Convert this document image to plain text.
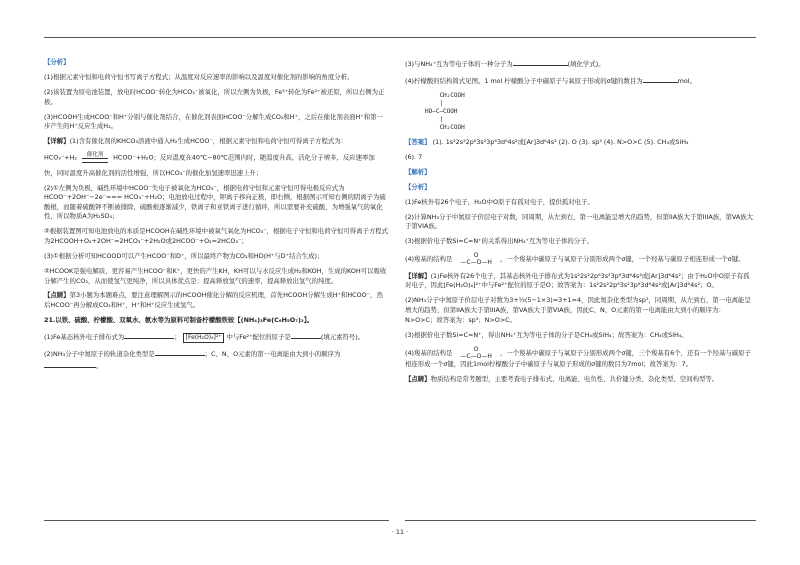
【分析】

(1)根据元素守恒和电荷守恒书写离子方程式；从温度对反应速率的影响以及温度对催化剂的影响的角度分析。

(2)该装置为原电池装置，放电时HCOO⁻转化为HCO₃⁻被氧化，所以左侧为负极，Fe³⁺转化为Fe²⁺被还原，所以右侧为正极。

(3)HCOOH生成HCOO⁻和H⁺分别与催化剂结合，在催化剂表面HCOO⁻分解生成CO₂和H⁺，之后在催化剂表面H⁺和第一步产生的H⁺反应生成H₂。

【详解】(1)含有催化剂的KHCO₃溶液中通入H₂生成HCOO⁻，根据元素守恒和电荷守恒可得离子方程式为：

HCO₃⁻+H₂	催化剂	HCOO⁻+H₂O；反应温度在40℃~80℃范围内时，随温度升高，活化分子增多，反应速率加

快，同时温度升高催化剂的活性增强，所以HCO₃⁻的催化加氢速率迅速上升；

(2)①左侧为负极，碱性环境中HCOO⁻失电子被氧化为HCO₃⁻，根据电荷守恒和元素守恒可得电极反应式为HCOO⁻+2OH⁻−2e⁻=== HCO₃⁻+H₂O；电池放电过程中，钾离子移向正极，即右侧，根据图示可知右侧的阴离子为硫酸根，而随着硫酸钾不断被排除，硫酸根逐渐减少，铁离子和亚铁离子进行循环，所以需要补充硫酸，为增强氧气的氧化性，所以物质A为H₂SO₄；

②根据装置图可知电池放电的本质是HCOOH在碱性环境中被氧气氧化为HCO₃⁻，根据电子守恒和电荷守恒可得离子方程式为2HCOOH+O₂+2OH⁻=2HCO₃⁻+2H₂O或2HCOO⁻+O₂=2HCO₃⁻；

(3)①根据分析可知HCOOD可以产生HCOO⁻和D⁺，所以最终产物为CO₂和HD(H⁺与D⁺结合生成)；

②HCOOK是强电解质，更容易产生HCOO⁻和K⁺，更快的产生KH，KH可以与水反应生成H₂和KOH，生成的KOH可以吸收分解产生的CO₂，从而使氢气更纯净，所以具体优点是：提高释放氢气的速率，提高释放出氢气的纯度。

【点睛】第3小题为本题难点，要注意理解图示的HCOOH催化分解的反应机理，首先HCOOH分解生成H⁺和HCOO⁻，然后HCOO⁻再分解成CO₂和H⁺，H⁺和H⁺反应生成氢气。

21.以铁、硫酸、柠檬酸、双氧水、氨水等为原料可制备柠檬酸铁铵【(NH₄)₃Fe(C₆H₅O₇)₂】。

(1)Fe基态核外电子排布式为	； [Fe(H₂O)₆]²⁺ 中与Fe²⁺配位的原子是	(填元素符号)。

(2)NH₃分子中氮原子的轨道杂化类型是	；C、N、O元素的第一电离能由大到小的顺序为
。

(3)与NH₄⁺互为等电子体的一种分子为	(填化学式)。

(4)柠檬酸的结构简式见图。1 mol 柠檬酸分子中碳原子与氧原子形成的σ键的数目为	mol。

CH₂COOH
|
HO—C—COOH
|
CH₂COOH

【答案】 (1). 1s²2s²2p⁶3s²3p⁶3d⁶4s²或[Ar]3d⁶4s² (2). O (3). sp³ (4). N>O>C (5). CH₄或SiH₄

(6). 7

【解析】

【分析】

(1)Fe核外有26个电子，H₂O中O原子有孤对电子，提供孤对电子。

(2)计算NH₃分子中氮原子价层电子对数，同周期，从左到右，第一电离能呈增大的趋势，但第IIA族大于第IIIA族，第VA族大于第VIA族。

(3)根据价电子数Si=C=N⁺的关系得出NH₄⁺互为等电子体的分子。

(4)羧基的结构是	O
—C—O—H ，一个羧基中碳原子与氧原子分别形成两个σ键，一个羟基与碳原子相连形成一个σ键。

【详解】(1)Fe核外有26个电子，其基态核外电子排布式为1s²2s²2p⁶3s²3p⁶3d⁶4s²或[Ar]3d⁶4s²；由于H₂O中O原子有孤对电子，因此[Fe(H₂O)₆]²⁺中与Fe²⁺配位的原子是O；故答案为：1s²2s²2p⁶3s²3p⁶3d⁶4s²或[Ar]3d⁶4s²；O。

(2)NH₃分子中氮原子价层电子对数为3+½(5−1×3)=3+1=4，因此氮杂化类型为sp³，同周期，从左到右，第一电离能呈增大的趋势，但第IIA族大于第IIIA族，第VA族大于第VIA族，因此C、N、O元素的第一电离能由大到小的顺序为：N>O>C；故答案为：sp³；N>O>C。

(3)根据价电子数Si=C=N⁺，得出NH₄⁺互为等电子体的分子是CH₄或SiH₄；故答案为：CH₄或SiH₄。

(4)羧基的结构是	O
—C—O—H ，一个羧基中碳原子与氧原子分别形成两个σ键，三个羧基有6个，还有一个羟基与碳原子相连形成一个σ键，因此1mol柠檬酸分子中碳原子与氧原子形成的σ键的数目为7mol；故答案为：7。

【点睛】物质结构是常考题型，主要考查电子排布式、电离能、电负性、共价键分类、杂化类型、空间构型等。

· 11 ·
